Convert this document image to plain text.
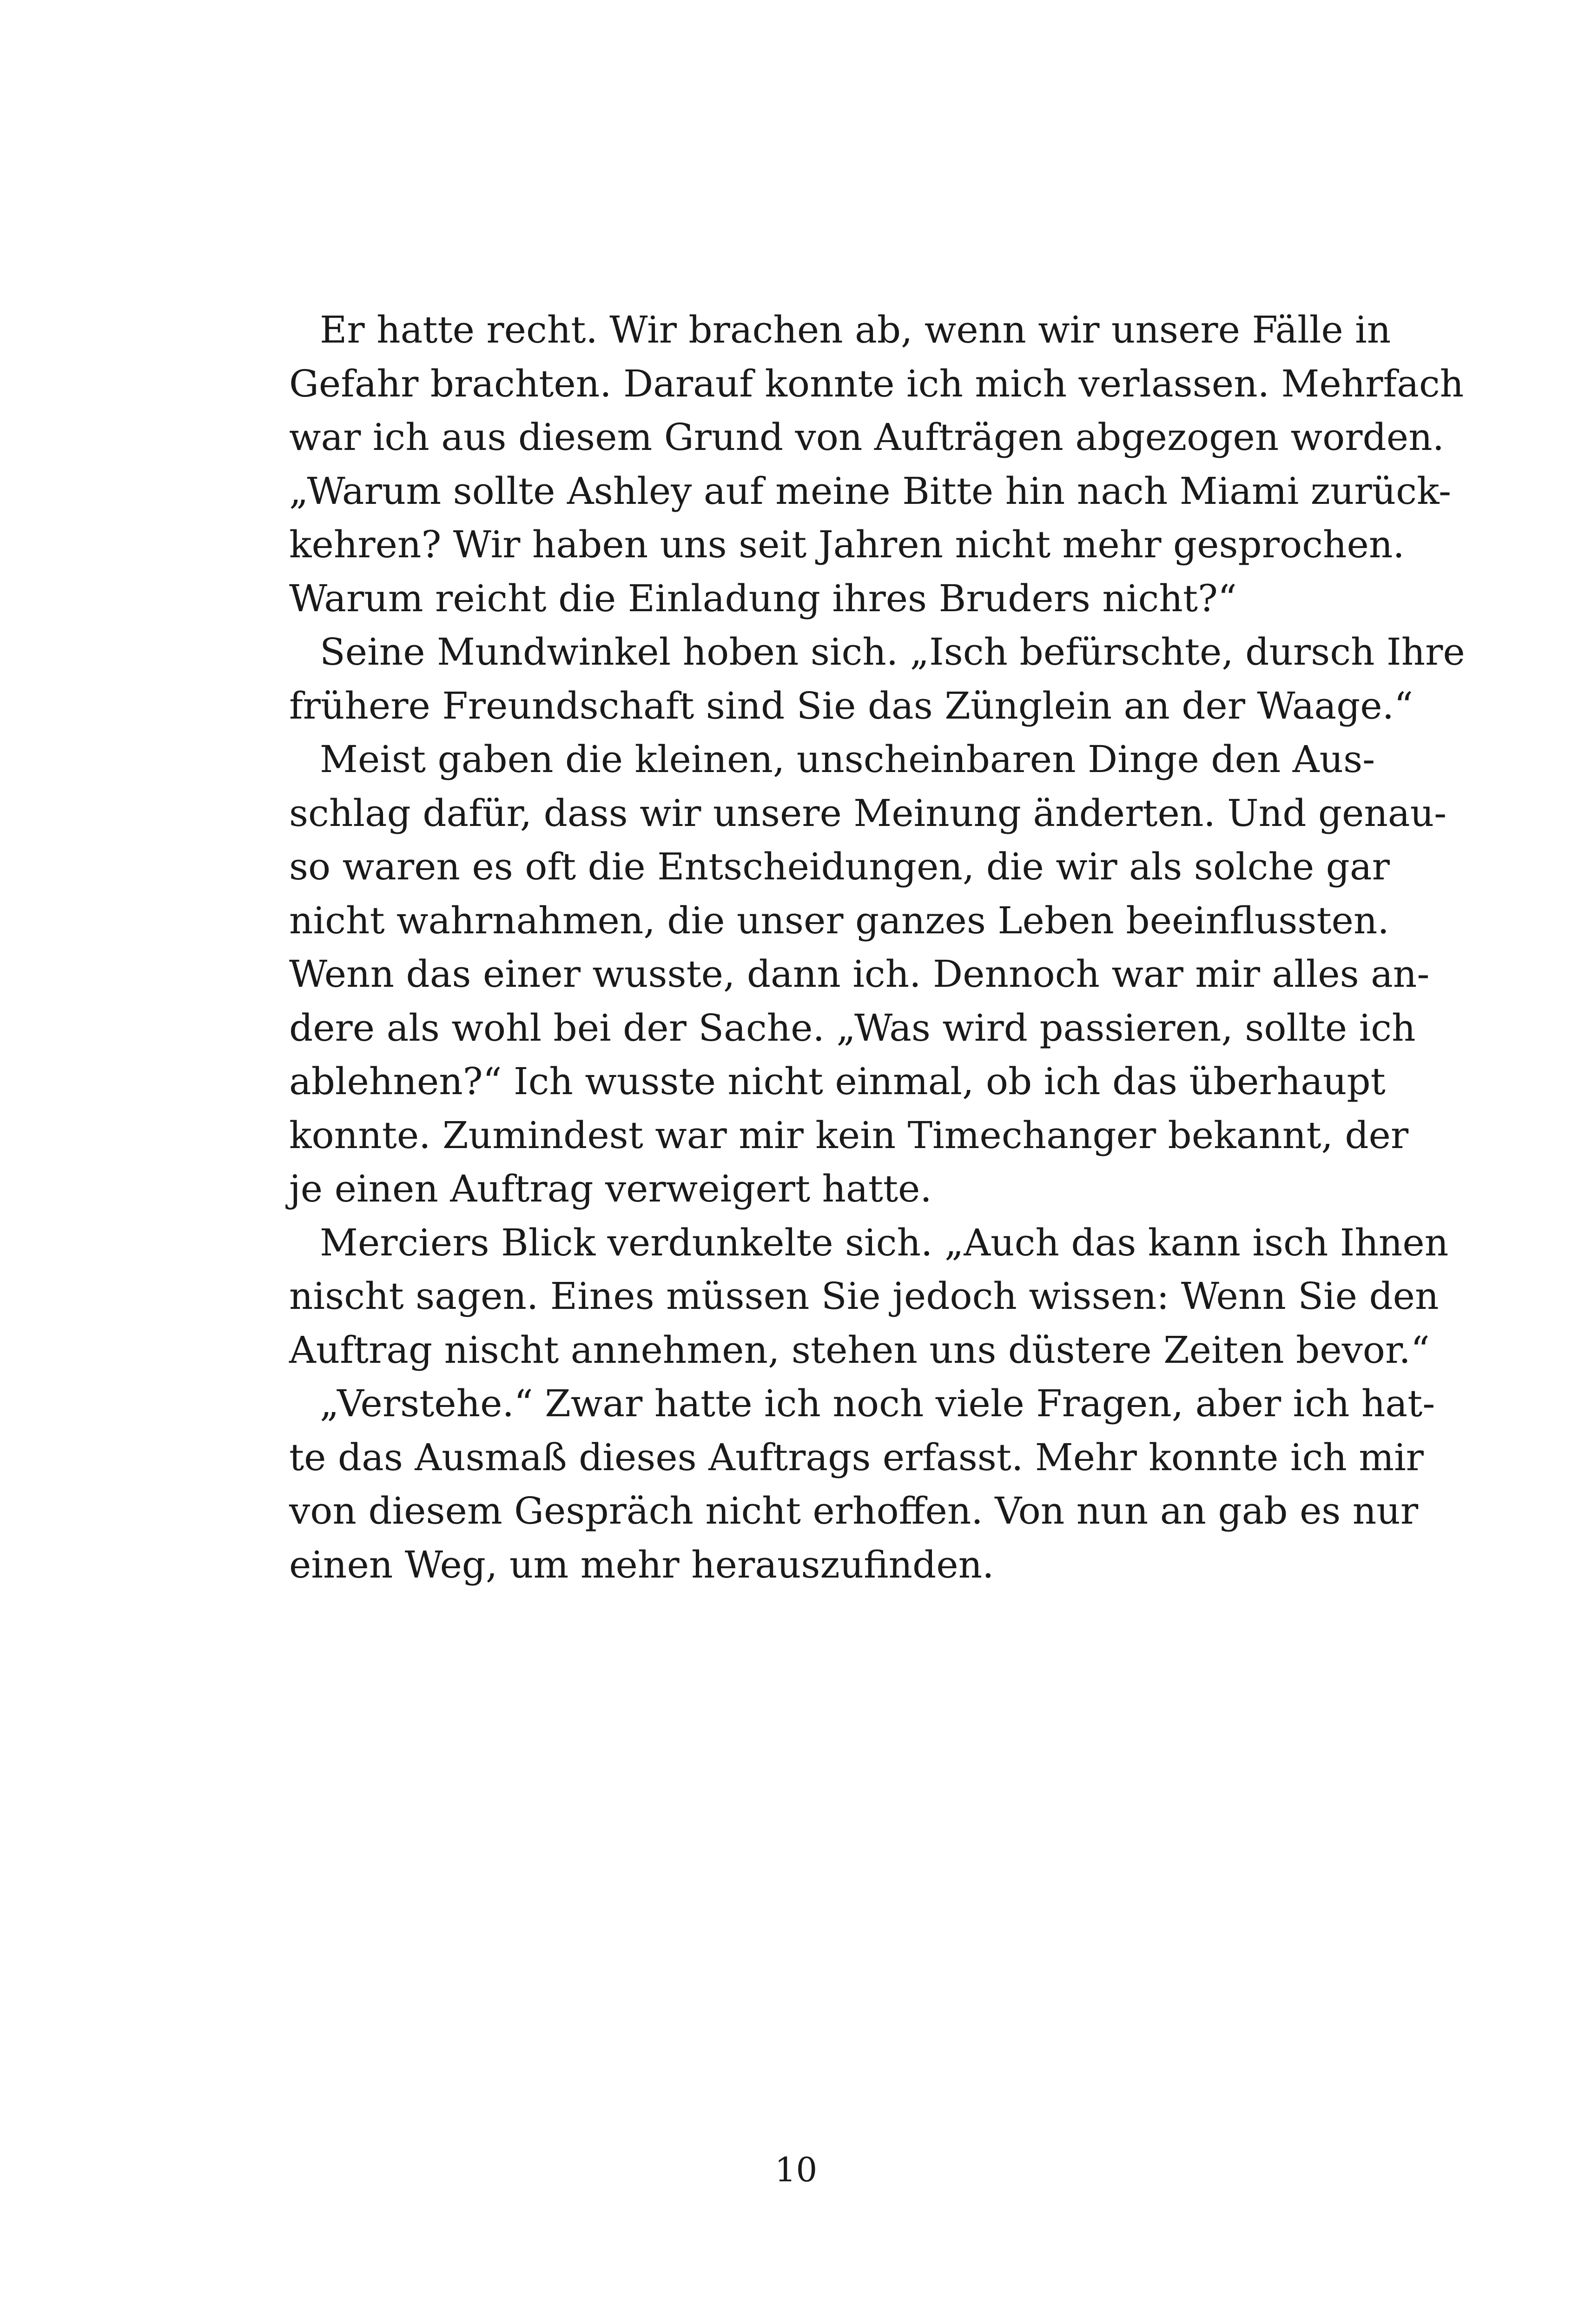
Er hatte recht. Wir brachen ab, wenn wir unsere Fälle in
Gefahr brachten. Darauf konnte ich mich verlassen. Mehrfach
war ich aus diesem Grund von Aufträgen abgezogen worden.
„Warum sollte Ashley auf meine Bitte hin nach Miami zurück-
kehren? Wir haben uns seit Jahren nicht mehr gesprochen.
Warum reicht die Einladung ihres Bruders nicht?“
Seine Mundwinkel hoben sich. „Isch befürschte, dursch Ihre
frühere Freundschaft sind Sie das Zünglein an der Waage.“
Meist gaben die kleinen, unscheinbaren Dinge den Aus-
schlag dafür, dass wir unsere Meinung änderten. Und genau-
so waren es oft die Entscheidungen, die wir als solche gar
nicht wahrnahmen, die unser ganzes Leben beeinflussten.
Wenn das einer wusste, dann ich. Dennoch war mir alles an-
dere als wohl bei der Sache. „Was wird passieren, sollte ich
ablehnen?“ Ich wusste nicht einmal, ob ich das überhaupt
konnte. Zumindest war mir kein Timechanger bekannt, der
je einen Auftrag verweigert hatte.
Merciers Blick verdunkelte sich. „Auch das kann isch Ihnen
nischt sagen. Eines müssen Sie jedoch wissen: Wenn Sie den
Auftrag nischt annehmen, stehen uns düstere Zeiten bevor.“
„Verstehe.“ Zwar hatte ich noch viele Fragen, aber ich hat-
te das Ausmaß dieses Auftrags erfasst. Mehr konnte ich mir
von diesem Gespräch nicht erhoffen. Von nun an gab es nur
einen Weg, um mehr herauszufinden.
10
